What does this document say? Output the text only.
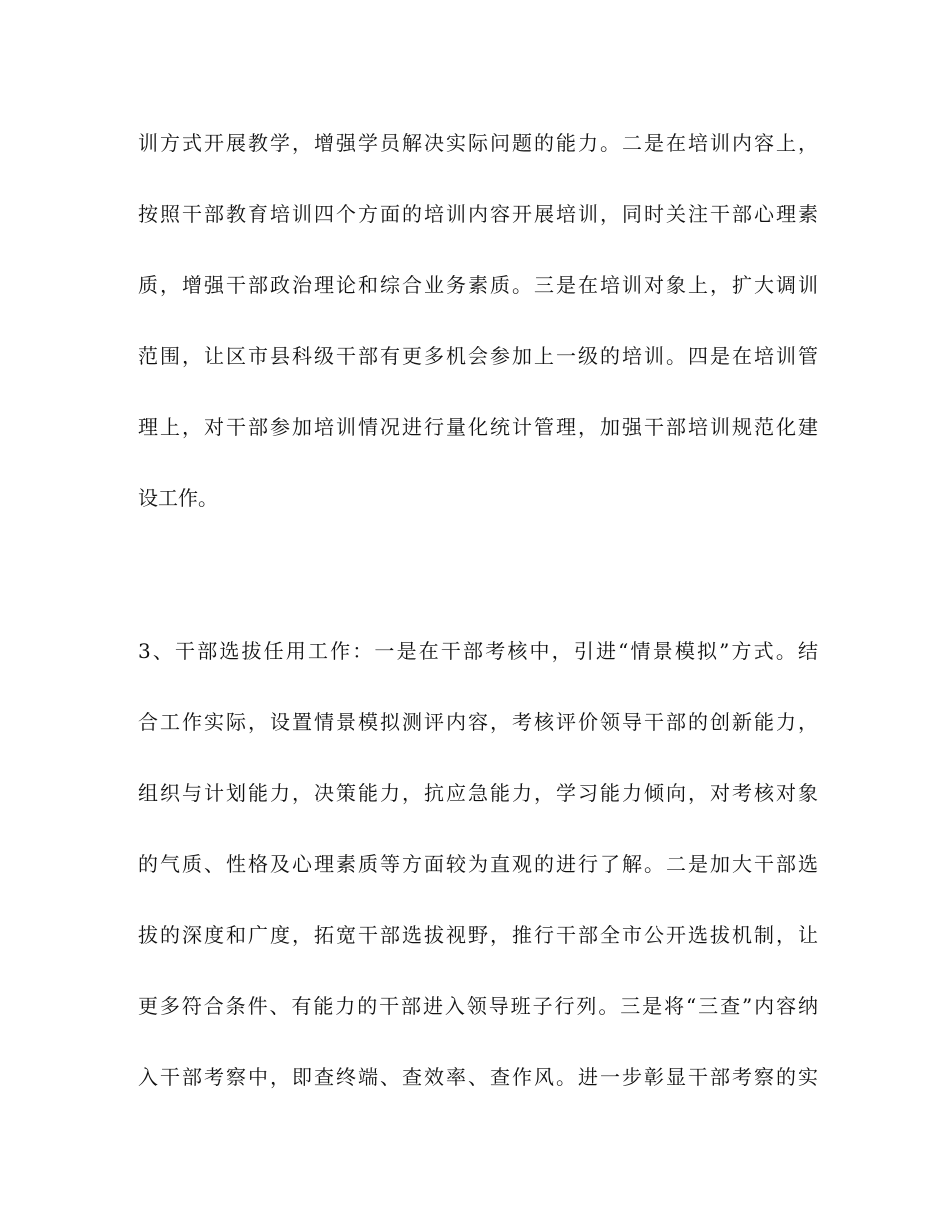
训方式开展教学，增强学员解决实际问题的能力。二是在培训内容上，
按照干部教育培训四个方面的培训内容开展培训，同时关注干部心理素
质，增强干部政治理论和综合业务素质。三是在培训对象上，扩大调训
范围，让区市县科级干部有更多机会参加上一级的培训。四是在培训管
理上，对干部参加培训情况进行量化统计管理，加强干部培训规范化建
设工作。
3、干部选拔任用工作：一是在干部考核中，引进“情景模拟”方式。结
合工作实际，设置情景模拟测评内容，考核评价领导干部的创新能力，
组织与计划能力，决策能力，抗应急能力，学习能力倾向，对考核对象
的气质、性格及心理素质等方面较为直观的进行了解。二是加大干部选
拔的深度和广度，拓宽干部选拔视野，推行干部全市公开选拔机制，让
更多符合条件、有能力的干部进入领导班子行列。三是将“三查”内容纳
入干部考察中，即查终端、查效率、查作风。进一步彰显干部考察的实
